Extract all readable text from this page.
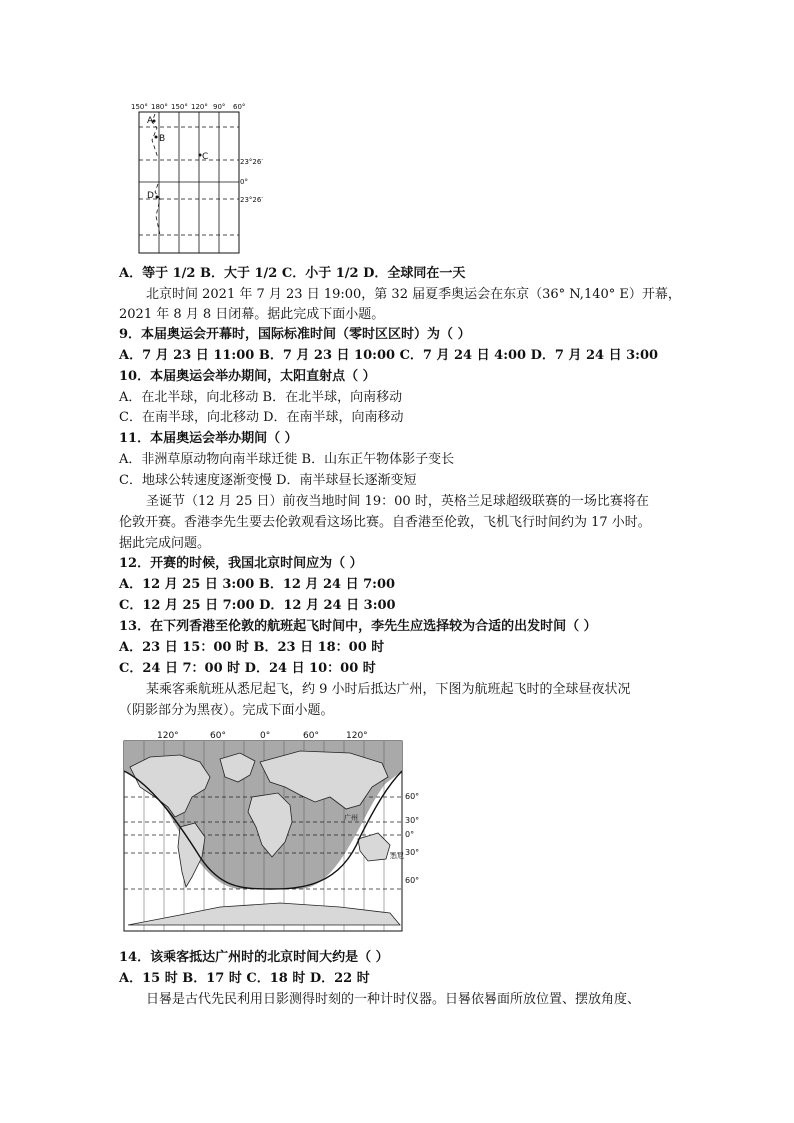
150° 180° 150° 120° 90° 60°
A
B
C
D
23°26′
0°
23°26′
A．等于 1/2 B．大于 1/2 C．小于 1/2 D．全球同在一天
北京时间 2021 年 7 月 23 日 19:00，第 32 届夏季奥运会在东京（36° N,140° E）开幕，
2021 年 8 月 8 日闭幕。据此完成下面小题。
9．本届奥运会开幕时，国际标准时间（零时区区时）为（ ）
A．7 月 23 日 11:00 B．7 月 23 日 10:00 C．7 月 24 日 4:00 D．7 月 24 日 3:00
10．本届奥运会举办期间，太阳直射点（ ）
A．在北半球，向北移动 B．在北半球，向南移动
C．在南半球，向北移动 D．在南半球，向南移动
11．本届奥运会举办期间（ ）
A．非洲草原动物向南半球迁徙 B．山东正午物体影子变长
C．地球公转速度逐渐变慢 D．南半球昼长逐渐变短
圣诞节（12 月 25 日）前夜当地时间 19：00 时，英格兰足球超级联赛的一场比赛将在
伦敦开赛。香港李先生要去伦敦观看这场比赛。自香港至伦敦，飞机飞行时间约为 17 小时。
据此完成问题。
12．开赛的时候，我国北京时间应为（ ）
A．12 月 25 日 3:00 B．12 月 24 日 7:00
C．12 月 25 日 7:00 D．12 月 24 日 3:00
13．在下列香港至伦敦的航班起飞时间中，李先生应选择较为合适的出发时间（ ）
A．23 日 15：00 时 B．23 日 18：00 时
C．24 日 7：00 时 D．24 日 10：00 时
某乘客乘航班从悉尼起飞，约 9 小时后抵达广州，下图为航班起飞时的全球昼夜状况
（阴影部分为黑夜）。完成下面小题。
120°	60°	0°	60°	120°
广州
悉尼
60°
30°
0°
30°
60°
14．该乘客抵达广州时的北京时间大约是（ ）
A．15 时 B．17 时 C．18 时 D．22 时
日晷是古代先民利用日影测得时刻的一种计时仪器。日晷依晷面所放位置、摆放角度、
